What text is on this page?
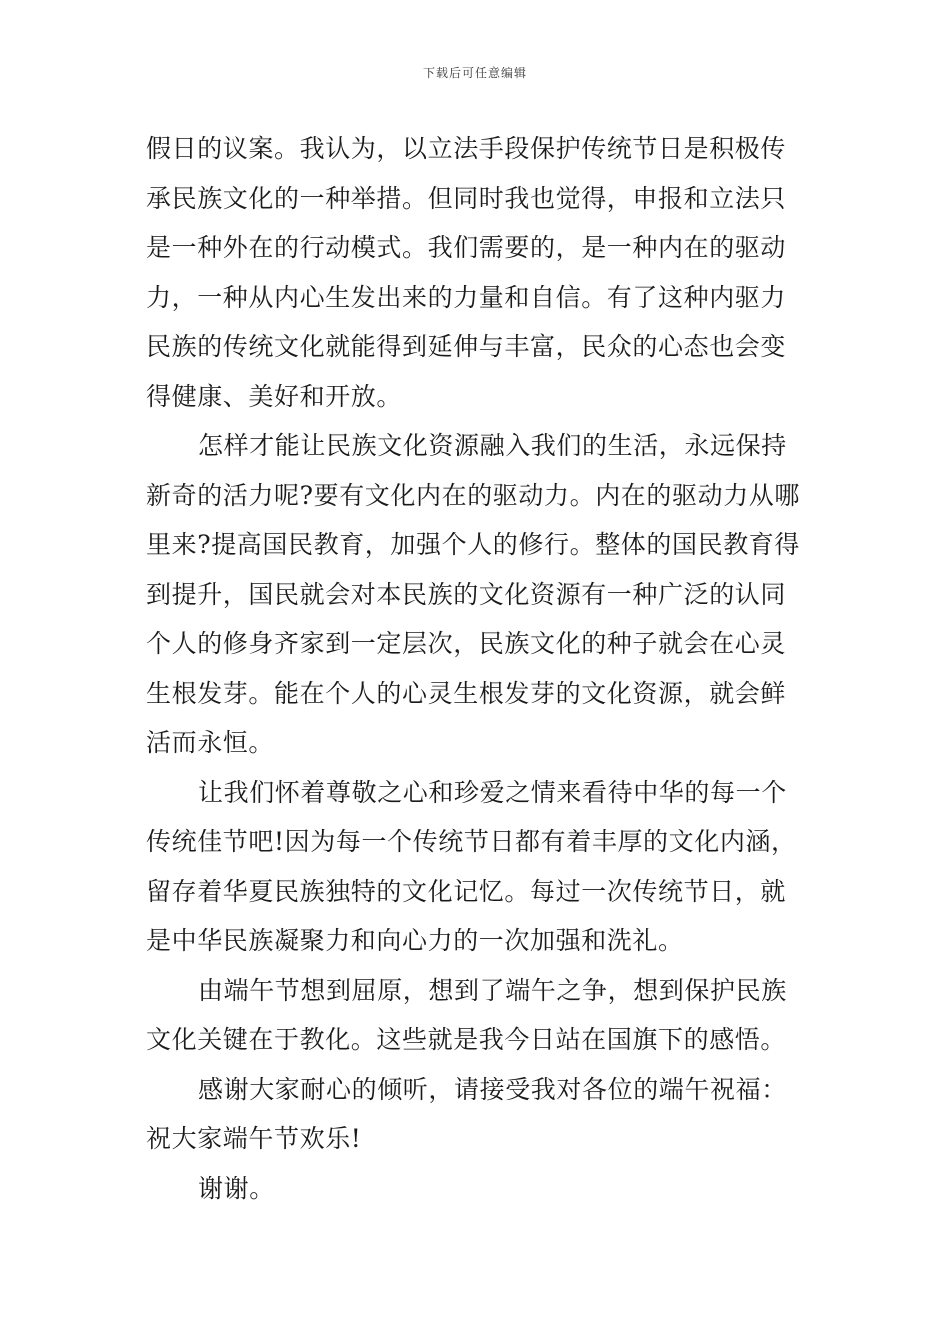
下载后可任意编辑
假日的议案。我认为，以立法手段保护传统节日是积极传
承民族文化的一种举措。但同时我也觉得，申报和立法只
是一种外在的行动模式。我们需要的，是一种内在的驱动
力，一种从内心生发出来的力量和自信。有了这种内驱力
民族的传统文化就能得到延伸与丰富，民众的心态也会变
得健康、美好和开放。
怎样才能让民族文化资源融入我们的生活，永远保持
新奇的活力呢?要有文化内在的驱动力。内在的驱动力从哪
里来?提高国民教育，加强个人的修行。整体的国民教育得
到提升，国民就会对本民族的文化资源有一种广泛的认同
个人的修身齐家到一定层次，民族文化的种子就会在心灵
生根发芽。能在个人的心灵生根发芽的文化资源，就会鲜
活而永恒。
让我们怀着尊敬之心和珍爱之情来看待中华的每一个
传统佳节吧!因为每一个传统节日都有着丰厚的文化内涵，
留存着华夏民族独特的文化记忆。每过一次传统节日，就
是中华民族凝聚力和向心力的一次加强和洗礼。
由端午节想到屈原，想到了端午之争，想到保护民族
文化关键在于教化。这些就是我今日站在国旗下的感悟。
感谢大家耐心的倾听，请接受我对各位的端午祝福：
祝大家端午节欢乐!
谢谢。
